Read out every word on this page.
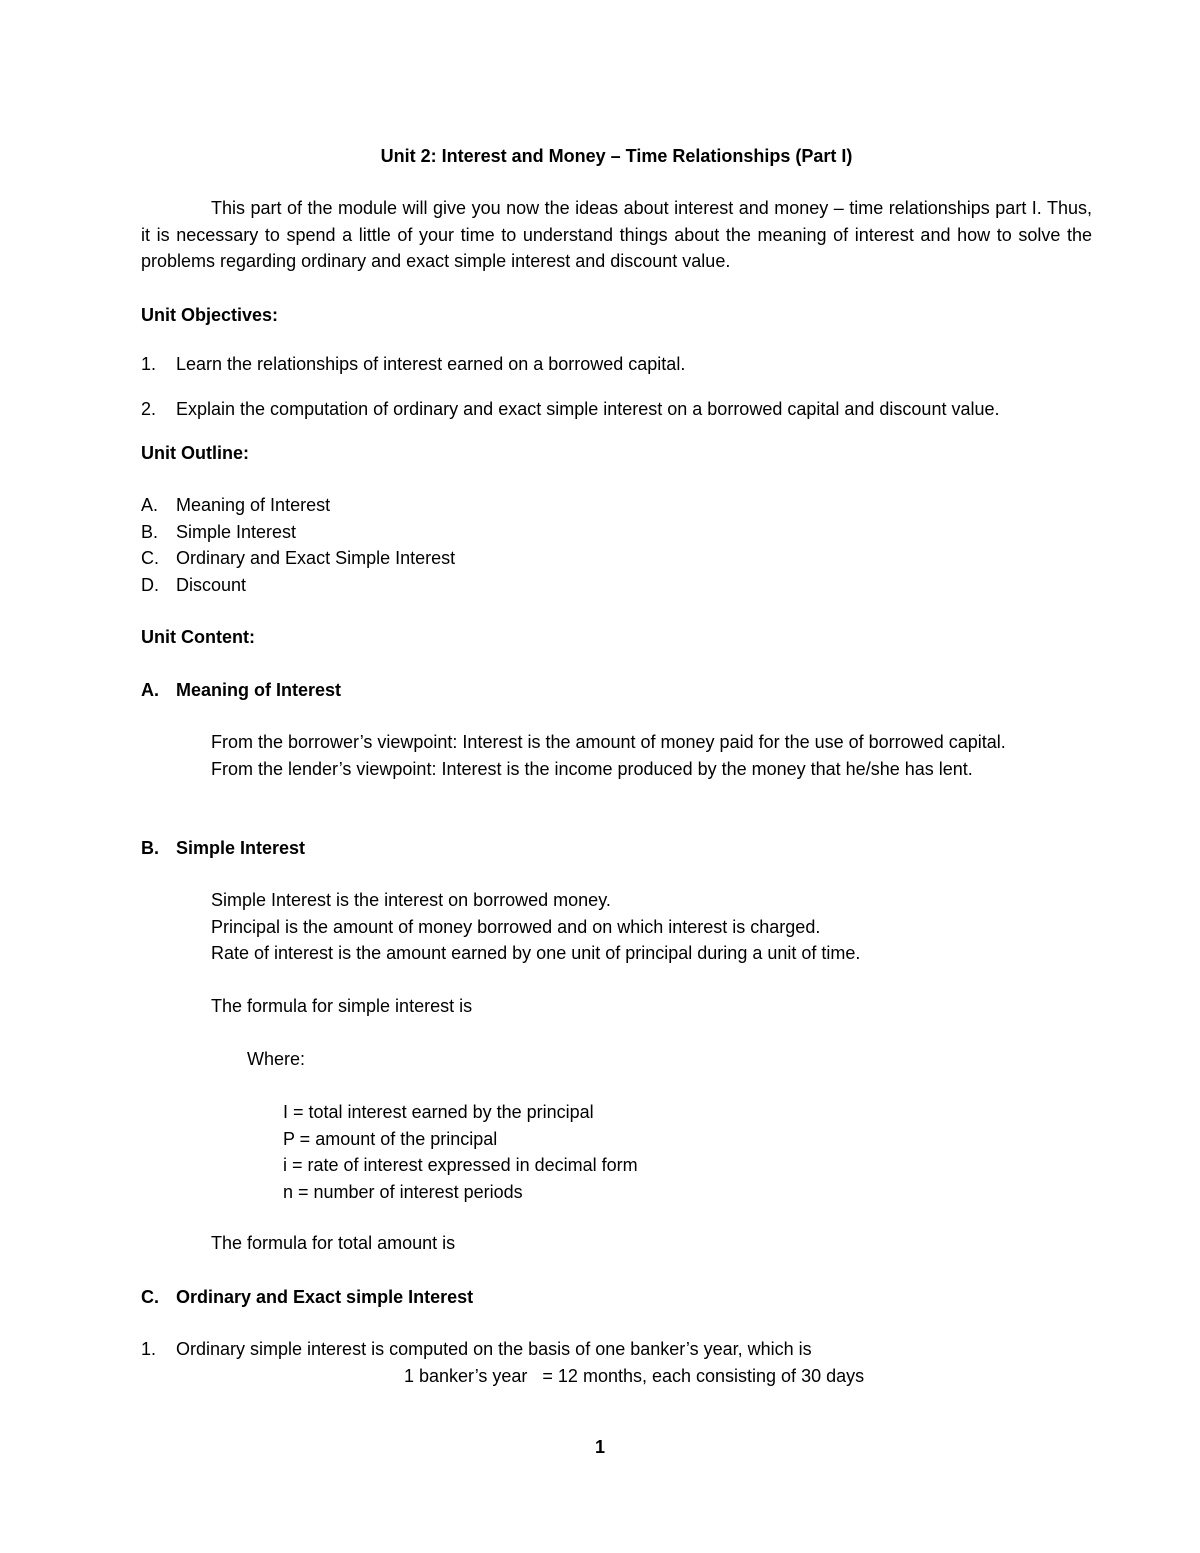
Unit 2: Interest and Money – Time Relationships (Part I)

This part of the module will give you now the ideas about interest and money – time relationships part I. Thus, it is necessary to spend a little of your time to understand things about the meaning of interest and how to solve the problems regarding ordinary and exact simple interest and discount value.

Unit Objectives:

1. Learn the relationships of interest earned on a borrowed capital.

2. Explain the computation of ordinary and exact simple interest on a borrowed capital and discount value.

Unit Outline:

A. Meaning of Interest
B. Simple Interest
C. Ordinary and Exact Simple Interest
D. Discount

Unit Content:

A. Meaning of Interest

From the borrower’s viewpoint: Interest is the amount of money paid for the use of borrowed capital.
From the lender’s viewpoint: Interest is the income produced by the money that he/she has lent.

B. Simple Interest

Simple Interest is the interest on borrowed money.
Principal is the amount of money borrowed and on which interest is charged.
Rate of interest is the amount earned by one unit of principal during a unit of time.

The formula for simple interest is

Where:

I = total interest earned by the principal
P = amount of the principal
i = rate of interest expressed in decimal form
n = number of interest periods

The formula for total amount is

C. Ordinary and Exact simple Interest

1. Ordinary simple interest is computed on the basis of one banker’s year, which is

1 banker’s year   = 12 months, each consisting of 30 days

1
